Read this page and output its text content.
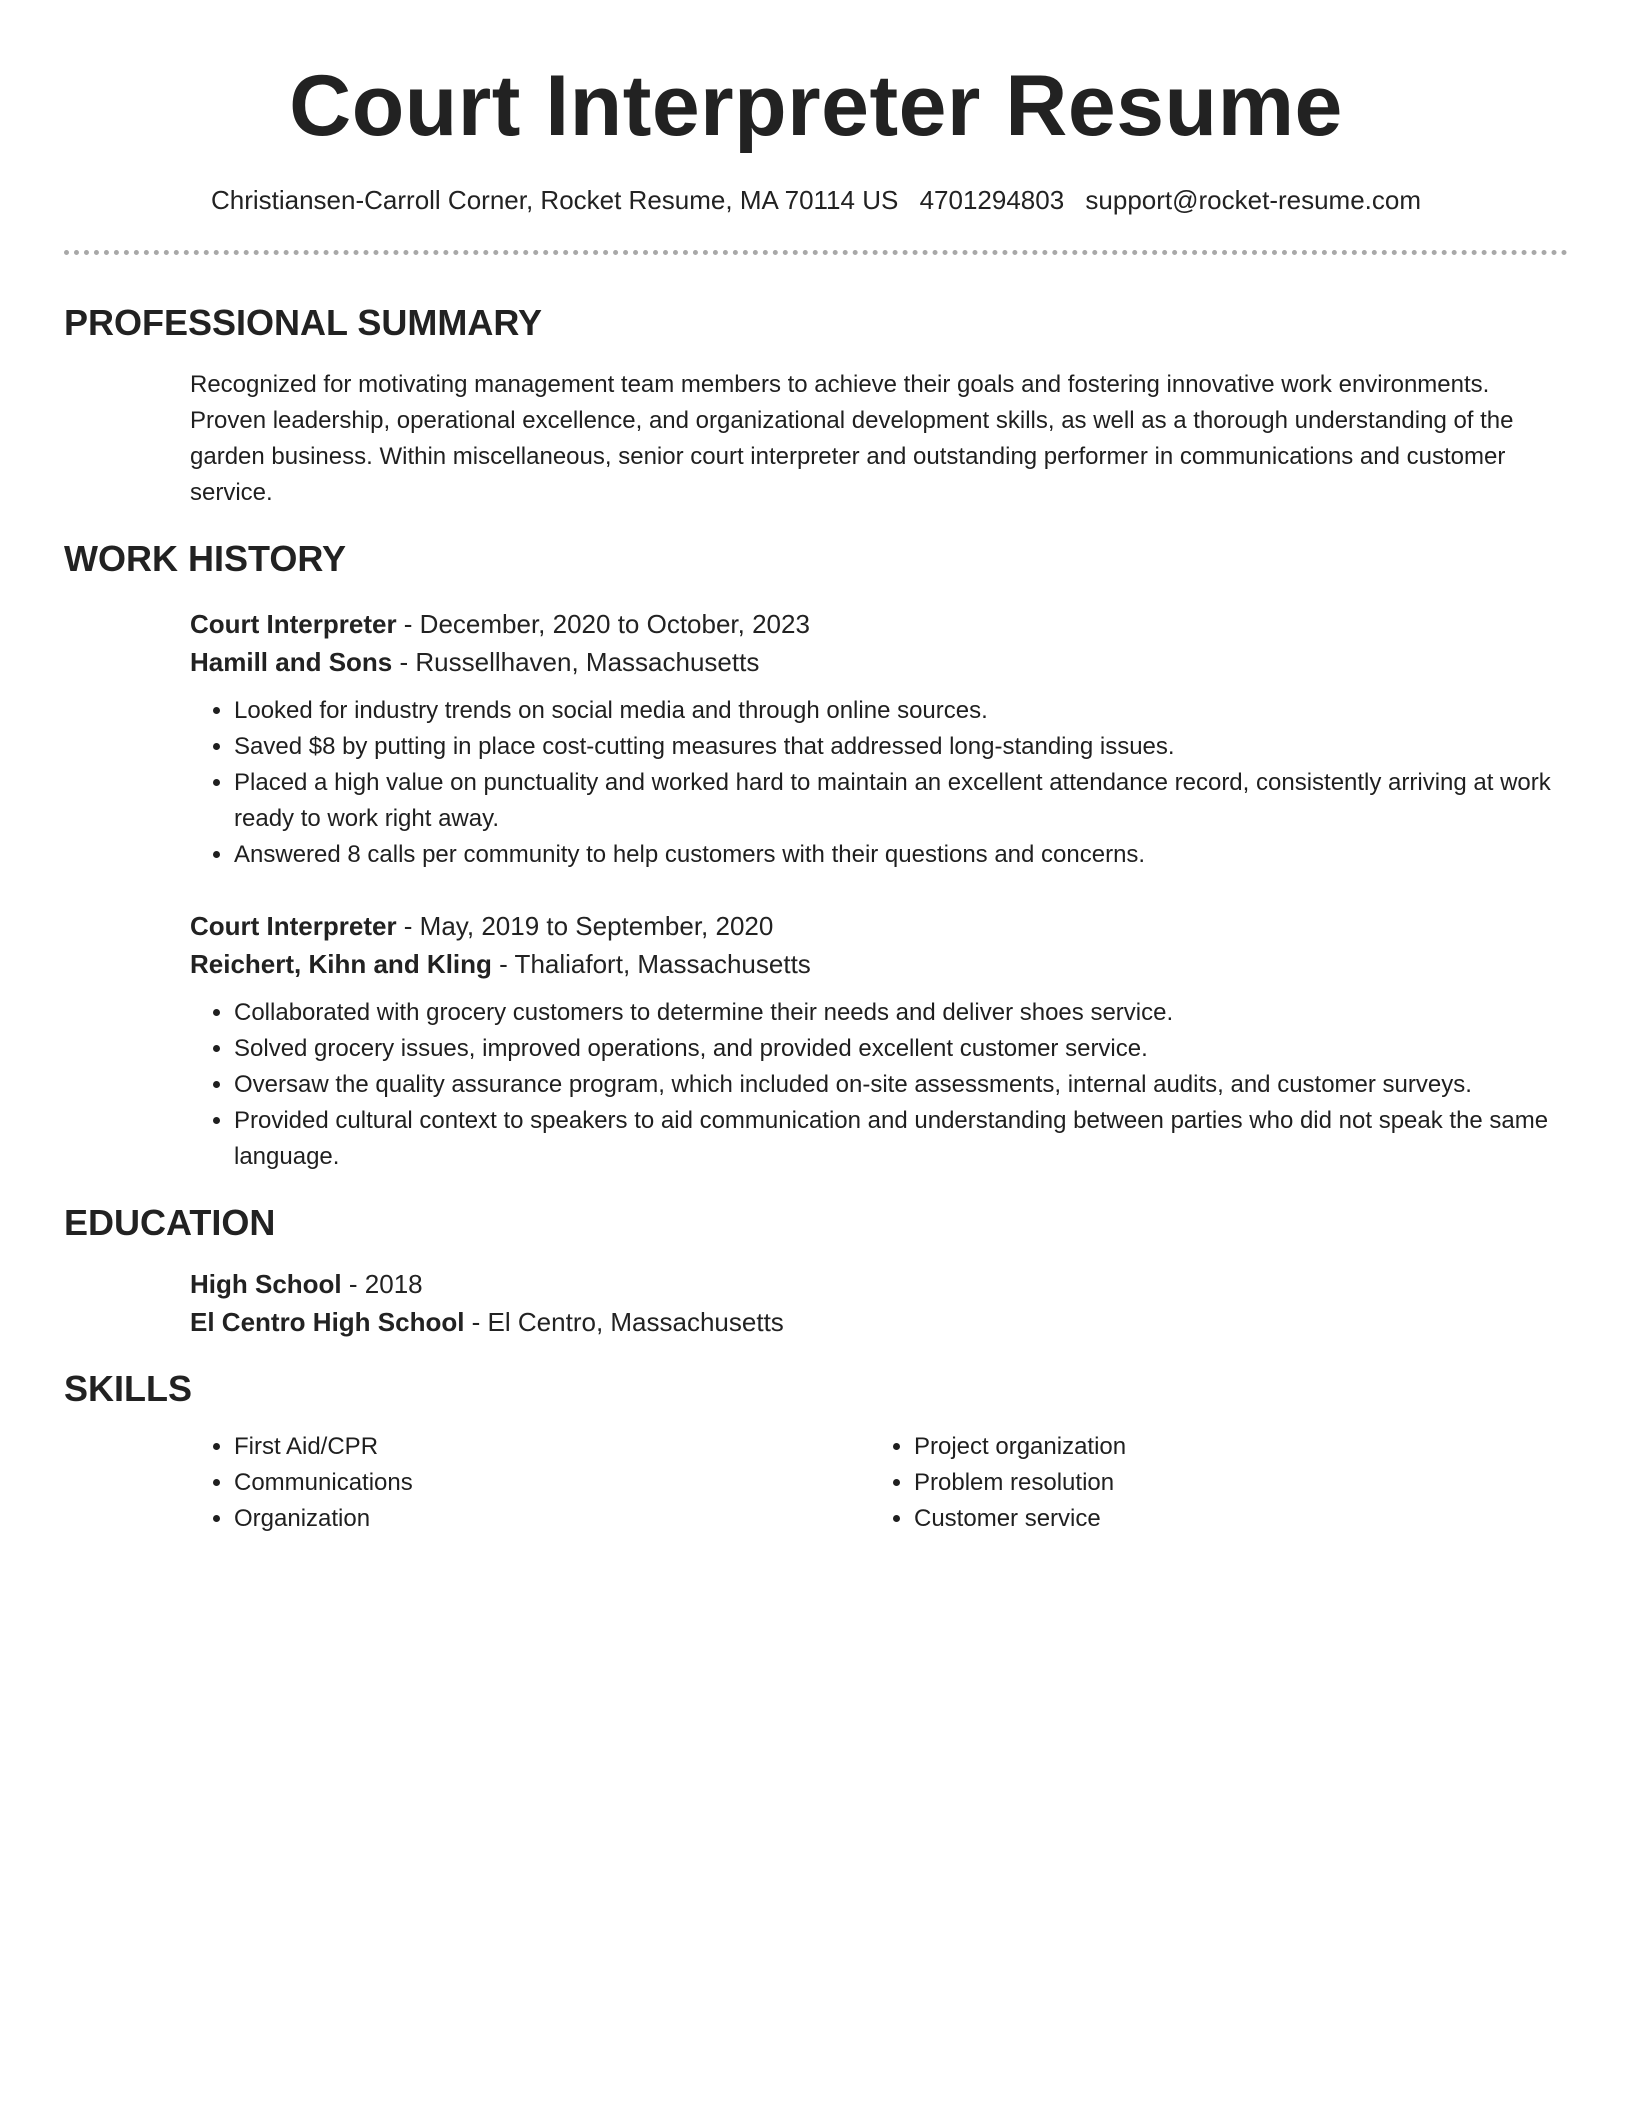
Court Interpreter Resume
Christiansen-Carroll Corner, Rocket Resume, MA 70114 US 4701294803 support@rocket-resume.com
PROFESSIONAL SUMMARY
Recognized for motivating management team members to achieve their goals and fostering innovative work environments. Proven leadership, operational excellence, and organizational development skills, as well as a thorough understanding of the garden business. Within miscellaneous, senior court interpreter and outstanding performer in communications and customer service.
WORK HISTORY
Court Interpreter - December, 2020 to October, 2023
Hamill and Sons - Russellhaven, Massachusetts
• Looked for industry trends on social media and through online sources.
• Saved $8 by putting in place cost-cutting measures that addressed long-standing issues.
• Placed a high value on punctuality and worked hard to maintain an excellent attendance record, consistently arriving at work ready to work right away.
• Answered 8 calls per community to help customers with their questions and concerns.
Court Interpreter - May, 2019 to September, 2020
Reichert, Kihn and Kling - Thaliafort, Massachusetts
• Collaborated with grocery customers to determine their needs and deliver shoes service.
• Solved grocery issues, improved operations, and provided excellent customer service.
• Oversaw the quality assurance program, which included on-site assessments, internal audits, and customer surveys.
• Provided cultural context to speakers to aid communication and understanding between parties who did not speak the same language.
EDUCATION
High School - 2018
El Centro High School - El Centro, Massachusetts
SKILLS
• First Aid/CPR
• Communications
• Organization
• Project organization
• Problem resolution
• Customer service
